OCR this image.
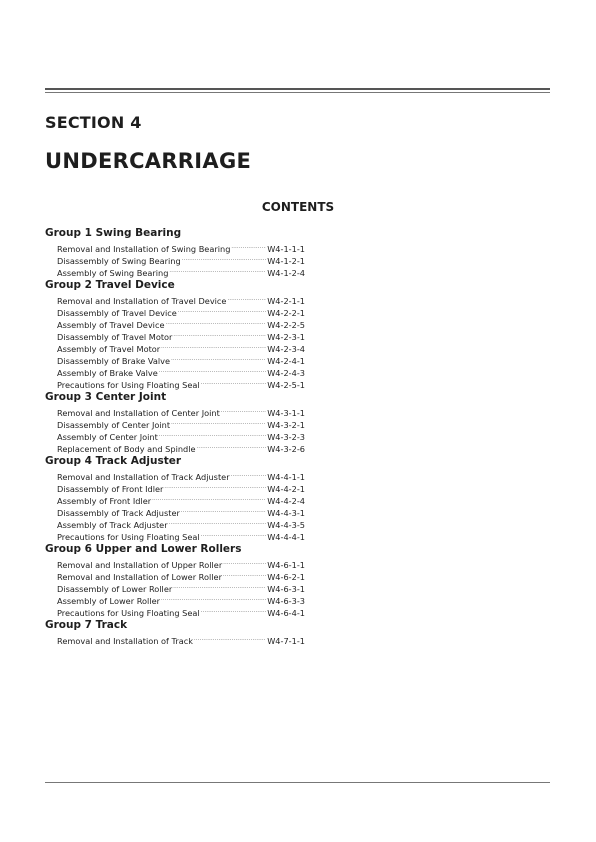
SECTION 4
UNDERCARRIAGE
CONTENTS
Group 1 Swing Bearing
Removal and Installation of Swing Bearing .....	W4-1-1-1
Disassembly of Swing Bearing .....	W4-1-2-1
Assembly of Swing Bearing .....	W4-1-2-4
Group 2 Travel Device
Removal and Installation of Travel Device .....	W4-2-1-1
Disassembly of Travel Device .....	W4-2-2-1
Assembly of Travel Device .....	W4-2-2-5
Disassembly of Travel Motor .....	W4-2-3-1
Assembly of Travel Motor .....	W4-2-3-4
Disassembly of Brake Valve .....	W4-2-4-1
Assembly of Brake Valve .....	W4-2-4-3
Precautions for Using Floating Seal .....	W4-2-5-1
Group 3 Center Joint
Removal and Installation of Center Joint .....	W4-3-1-1
Disassembly of Center Joint .....	W4-3-2-1
Assembly of Center Joint .....	W4-3-2-3
Replacement of Body and Spindle .....	W4-3-2-6
Group 4 Track Adjuster
Removal and Installation of Track Adjuster .....	W4-4-1-1
Disassembly of Front Idler .....	W4-4-2-1
Assembly of Front Idler .....	W4-4-2-4
Disassembly of Track Adjuster .....	W4-4-3-1
Assembly of Track Adjuster .....	W4-4-3-5
Precautions for Using Floating Seal .....	W4-4-4-1
Group 6 Upper and Lower Rollers
Removal and Installation of Upper Roller .....	W4-6-1-1
Removal and Installation of Lower Roller .....	W4-6-2-1
Disassembly of Lower Roller .....	W4-6-3-1
Assembly of Lower Roller .....	W4-6-3-3
Precautions for Using Floating Seal .....	W4-6-4-1
Group 7 Track
Removal and Installation of Track .....	W4-7-1-1
